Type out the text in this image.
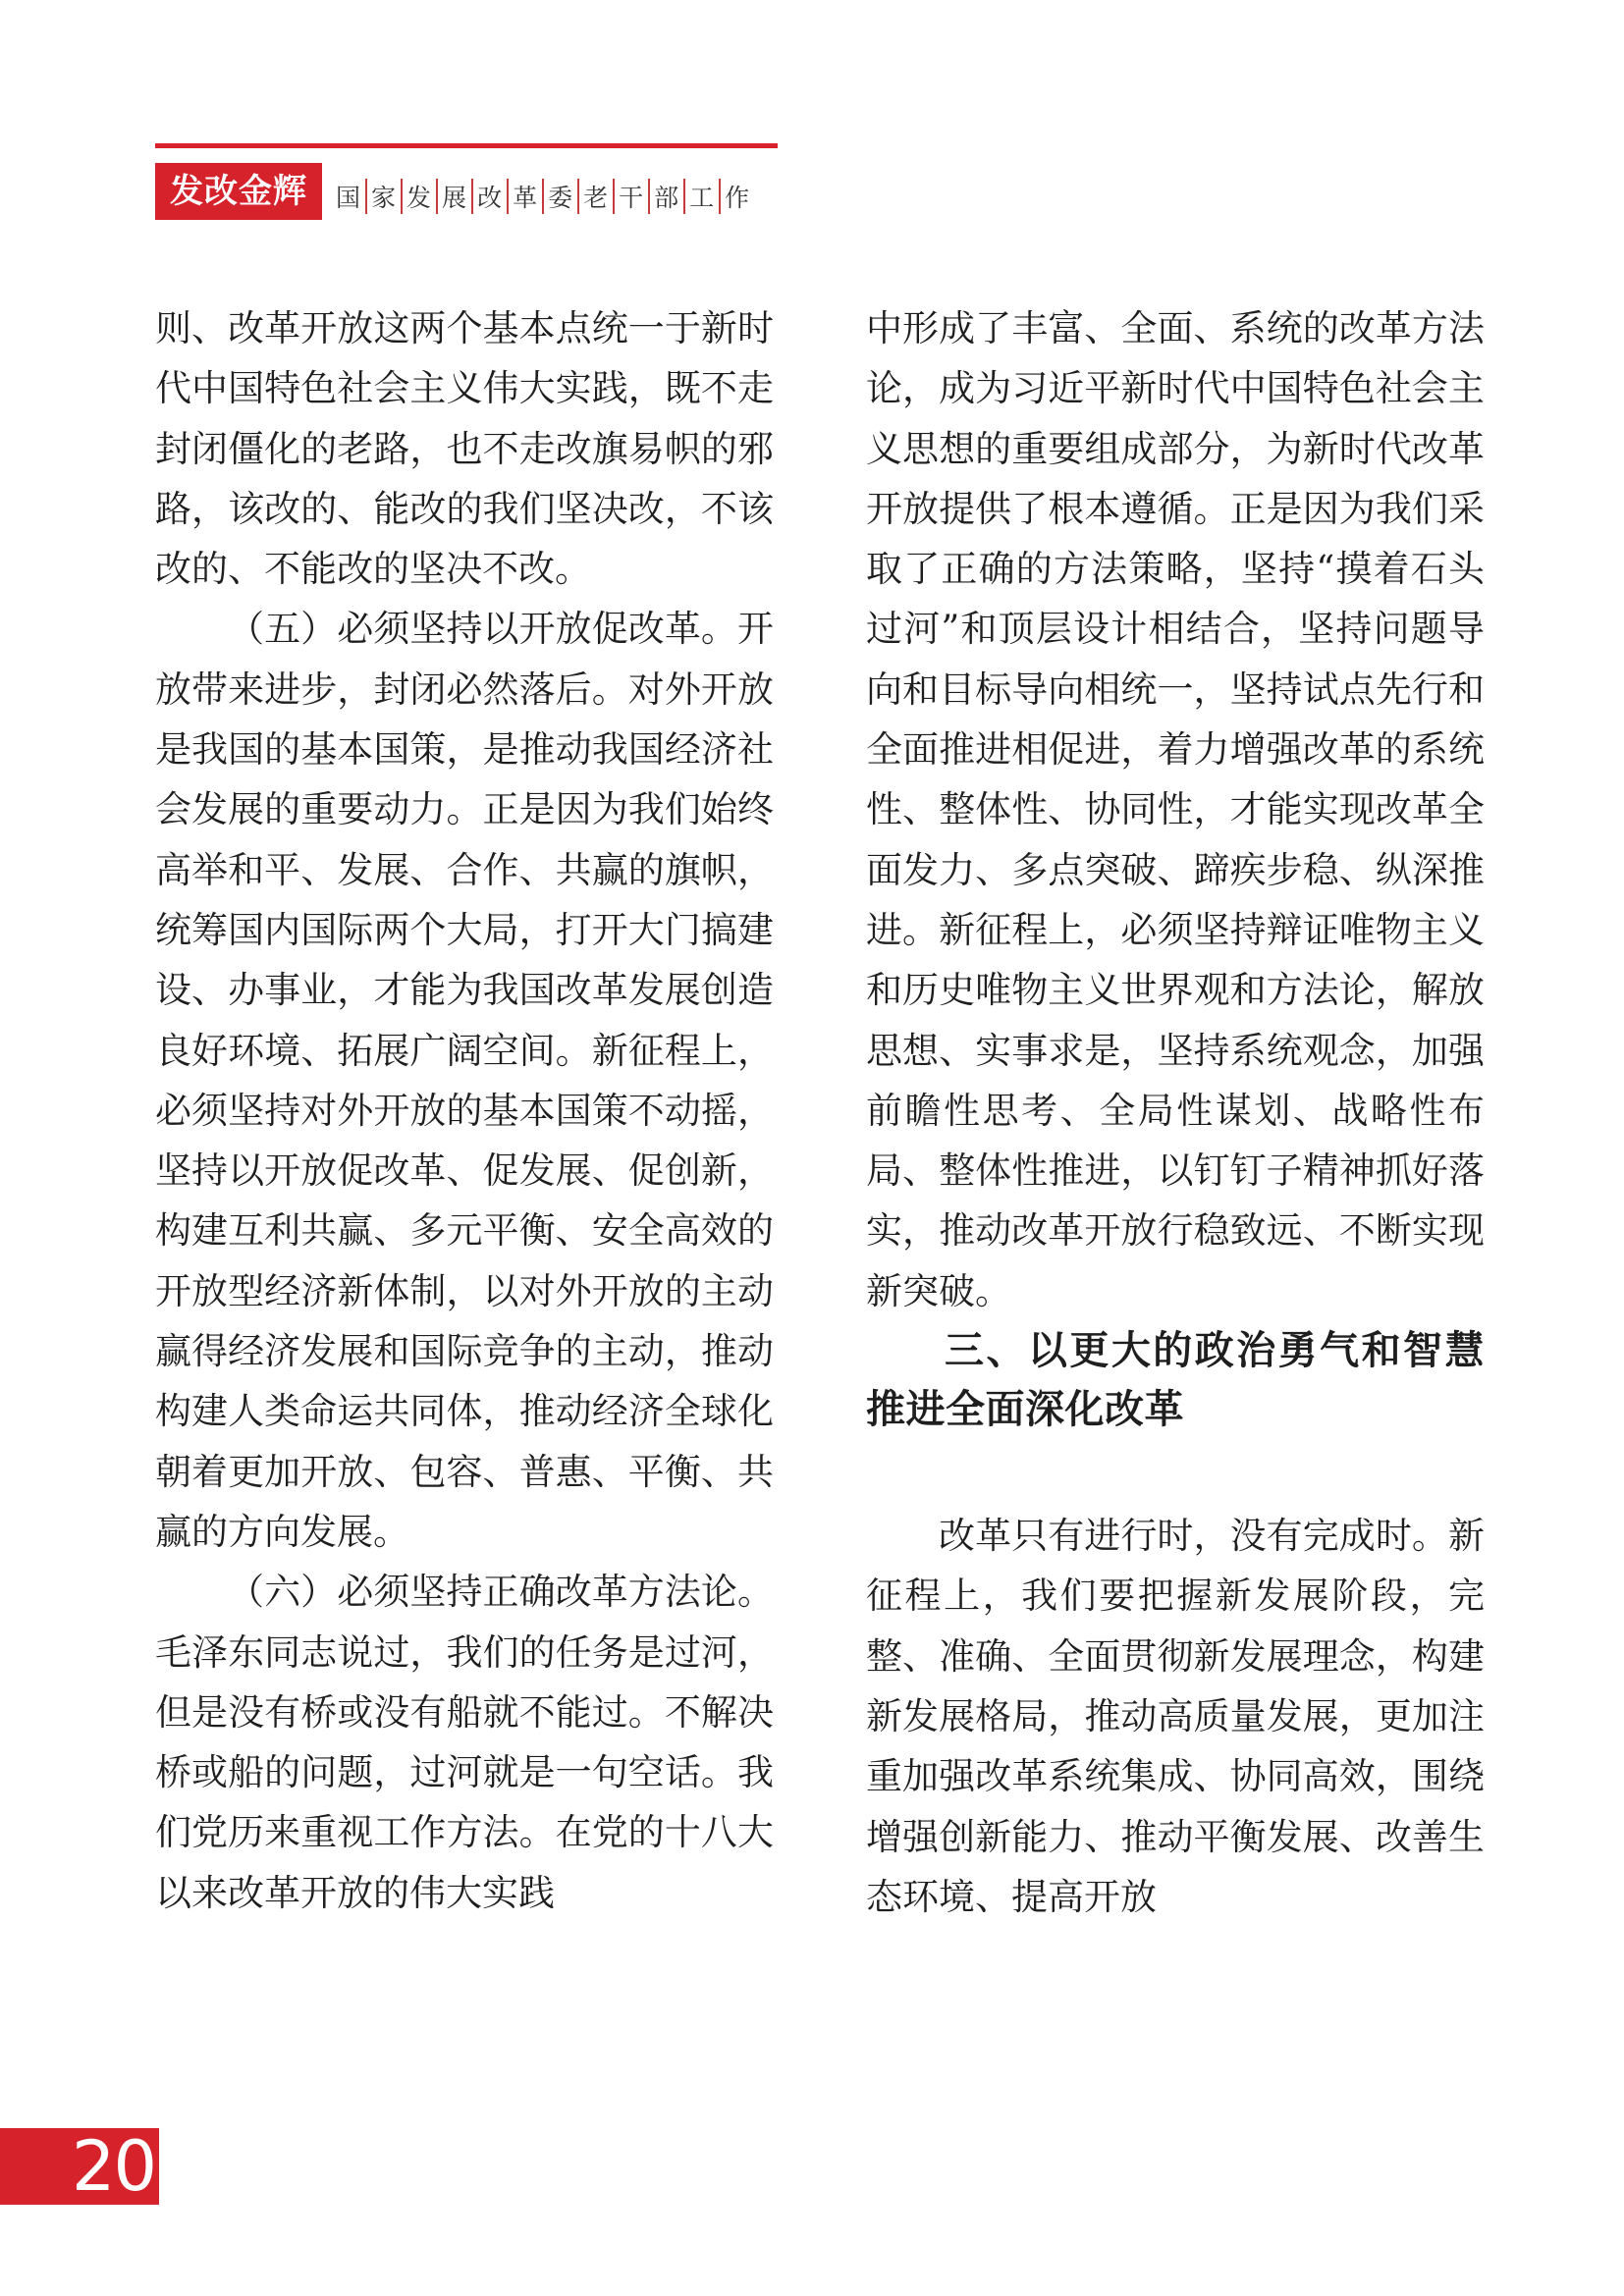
发改金辉	国 家 发 展 改 革 委 老 干 部 工 作

则、改革开放这两个基本点统一于新时代中国特色社会主义伟大实践，既不走封闭僵化的老路，也不走改旗易帜的邪路，该改的、能改的我们坚决改，不该改的、不能改的坚决不改。

（五）必须坚持以开放促改革。开放带来进步，封闭必然落后。对外开放是我国的基本国策，是推动我国经济社会发展的重要动力。正是因为我们始终高举和平、发展、合作、共赢的旗帜，统筹国内国际两个大局，打开大门搞建设、办事业，才能为我国改革发展创造良好环境、拓展广阔空间。新征程上，必须坚持对外开放的基本国策不动摇，坚持以开放促改革、促发展、促创新，构建互利共赢、多元平衡、安全高效的开放型经济新体制，以对外开放的主动赢得经济发展和国际竞争的主动，推动构建人类命运共同体，推动经济全球化朝着更加开放、包容、普惠、平衡、共赢的方向发展。

（六）必须坚持正确改革方法论。毛泽东同志说过，我们的任务是过河，但是没有桥或没有船就不能过。不解决桥或船的问题，过河就是一句空话。我们党历来重视工作方法。在党的十八大以来改革开放的伟大实践

中形成了丰富、全面、系统的改革方法论，成为习近平新时代中国特色社会主义思想的重要组成部分，为新时代改革开放提供了根本遵循。正是因为我们采取了正确的方法策略，坚持“摸着石头过河”和顶层设计相结合，坚持问题导向和目标导向相统一，坚持试点先行和全面推进相促进，着力增强改革的系统性、整体性、协同性，才能实现改革全面发力、多点突破、蹄疾步稳、纵深推进。新征程上，必须坚持辩证唯物主义和历史唯物主义世界观和方法论，解放思想、实事求是，坚持系统观念，加强前瞻性思考、全局性谋划、战略性布局、整体性推进，以钉钉子精神抓好落实，推动改革开放行稳致远、不断实现新突破。

三、以更大的政治勇气和智慧推进全面深化改革

改革只有进行时，没有完成时。新征程上，我们要把握新发展阶段，完整、准确、全面贯彻新发展理念，构建新发展格局，推动高质量发展，更加注重加强改革系统集成、协同高效，围绕增强创新能力、推动平衡发展、改善生态环境、提高开放

20
